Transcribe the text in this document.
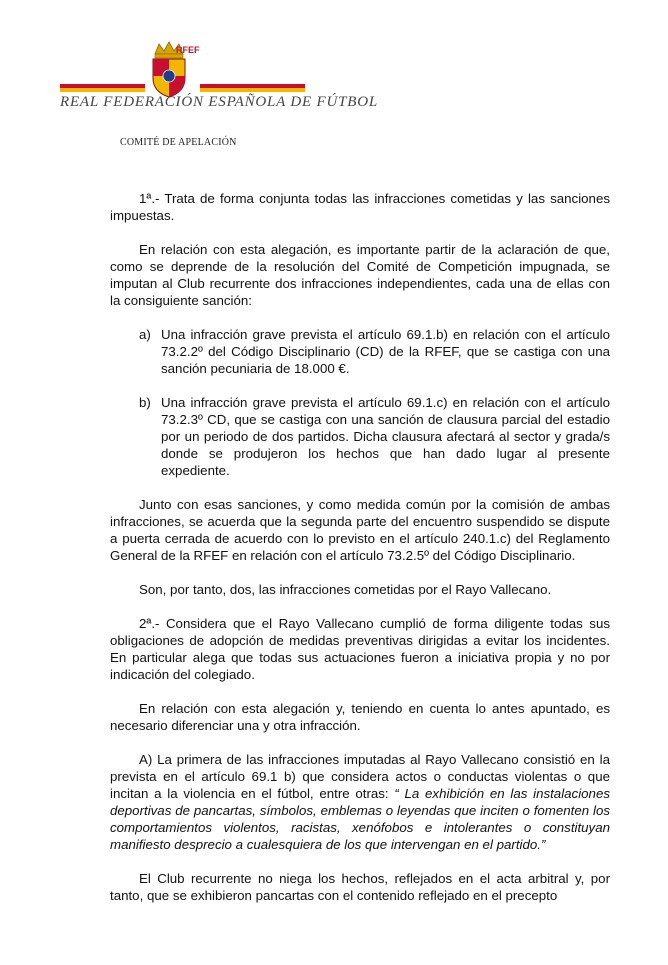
RFEF
REAL FEDERACIÓN ESPAÑOLA DE FÚTBOL
COMITÉ DE APELACIÓN

1ª.- Trata de forma conjunta todas las infracciones cometidas y las sanciones impuestas.

En relación con esta alegación, es importante partir de la aclaración de que, como se deprende de la resolución del Comité de Competición impugnada, se imputan al Club recurrente dos infracciones independientes, cada una de ellas con la consiguiente sanción:

a) Una infracción grave prevista el artículo 69.1.b) en relación con el artículo 73.2.2º del Código Disciplinario (CD) de la RFEF, que se castiga con una sanción pecuniaria de 18.000 €.
b) Una infracción grave prevista el artículo 69.1.c) en relación con el artículo 73.2.3º CD, que se castiga con una sanción de clausura parcial del estadio por un periodo de dos partidos. Dicha clausura afectará al sector y grada/s donde se produjeron los hechos que han dado lugar al presente expediente.

Junto con esas sanciones, y como medida común por la comisión de ambas infracciones, se acuerda que la segunda parte del encuentro suspendido se dispute a puerta cerrada de acuerdo con lo previsto en el artículo 240.1.c) del Reglamento General de la RFEF en relación con el artículo 73.2.5º del Código Disciplinario.

Son, por tanto, dos, las infracciones cometidas por el Rayo Vallecano.

2ª.- Considera que el Rayo Vallecano cumplió de forma diligente todas sus obligaciones de adopción de medidas preventivas dirigidas a evitar los incidentes. En particular alega que todas sus actuaciones fueron a iniciativa propia y no por indicación del colegiado.

En relación con esta alegación y, teniendo en cuenta lo antes apuntado, es necesario diferenciar una y otra infracción.

A) La primera de las infracciones imputadas al Rayo Vallecano consistió en la prevista en el artículo 69.1 b) que considera actos o conductas violentas o que incitan a la violencia en el fútbol, entre otras: “ La exhibición en las instalaciones deportivas de pancartas, símbolos, emblemas o leyendas que inciten o fomenten los comportamientos violentos, racistas, xenófobos e intolerantes o constituyan manifiesto desprecio a cualesquiera de los que intervengan en el partido.”

El Club recurrente no niega los hechos, reflejados en el acta arbitral y, por tanto, que se exhibieron pancartas con el contenido reflejado en el precepto
